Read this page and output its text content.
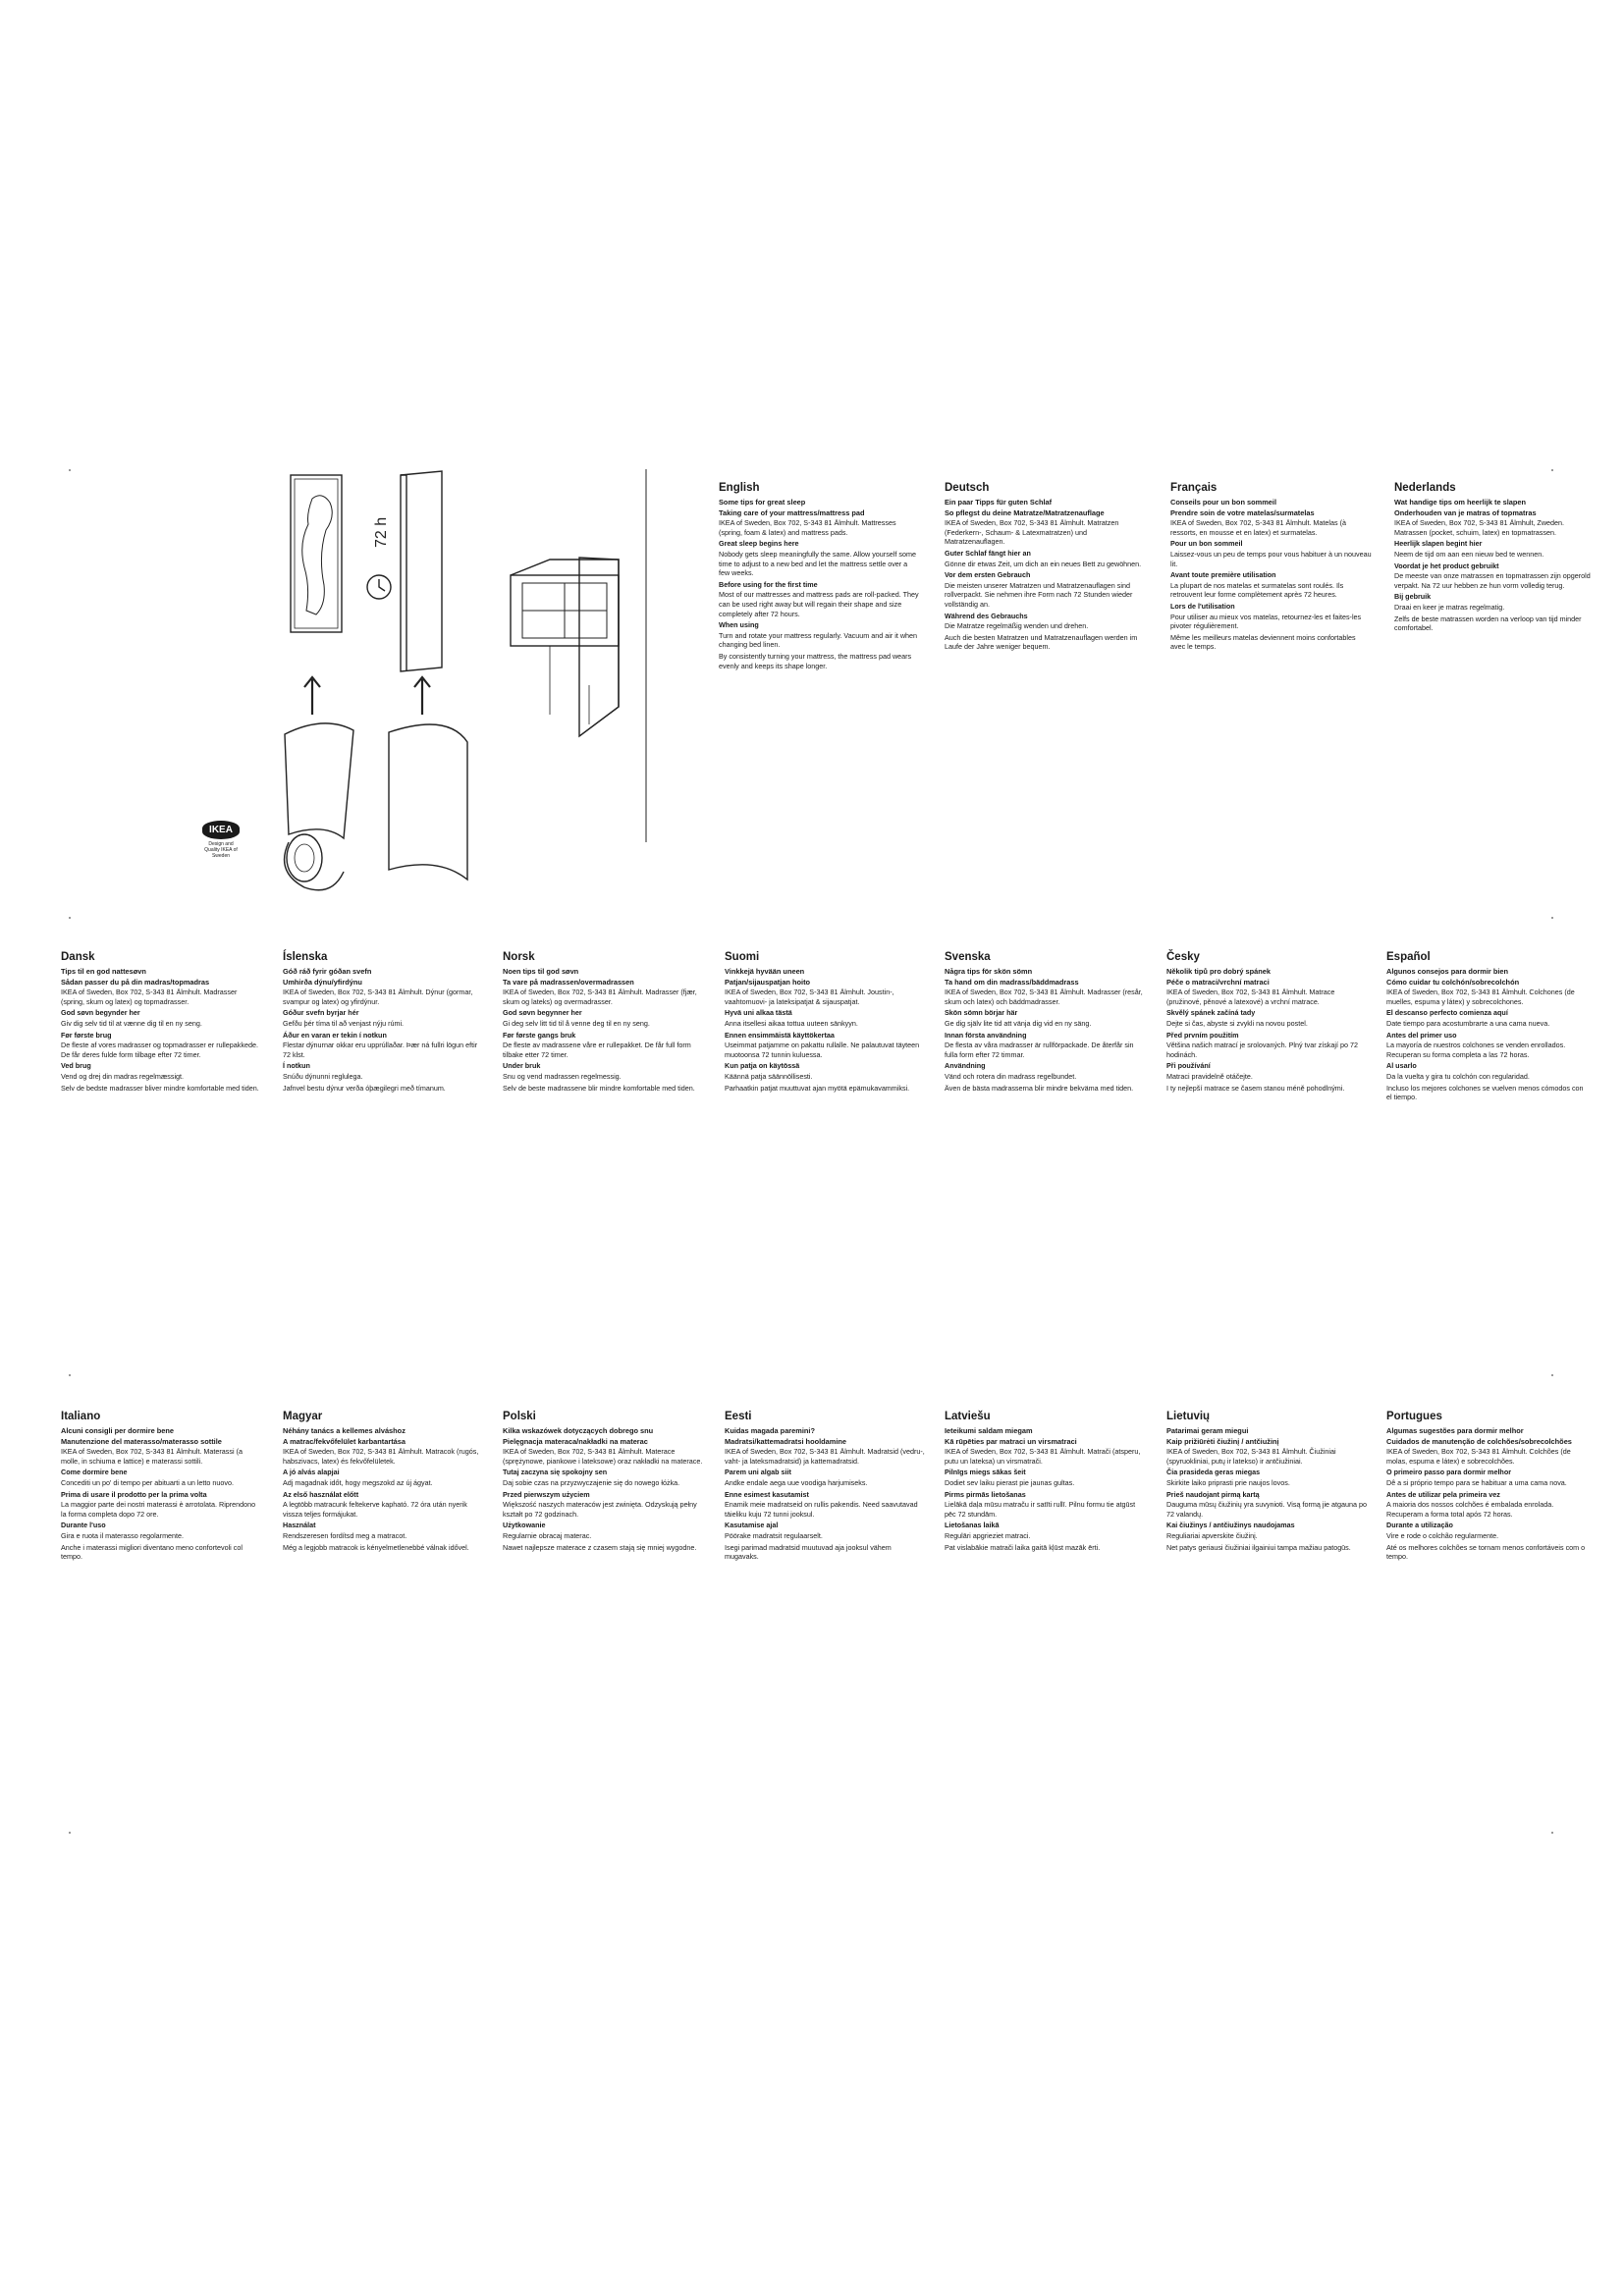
72 h
IKEA
Design and Quality IKEA of Sweden
English
Some tips for great sleep
Taking care of your mattress/mattress pad

IKEA of Sweden, Box 702, S-343 81 Älmhult. Mattresses (spring, foam & latex) and mattress pads.

Great sleep begins here

Nobody gets sleep meaningfully the same. Allow yourself some time to adjust to a new bed and let the mattress settle over a few weeks.

Before using for the first time

Most of our mattresses and mattress pads are roll-packed. They can be used right away but will regain their shape and size completely after 72 hours.

When using

Turn and rotate your mattress regularly. Vacuum and air it when changing bed linen.

By consistently turning your mattress, the mattress pad wears evenly and keeps its shape longer.

Deutsch
Ein paar Tipps für guten Schlaf
So pflegst du deine Matratze/Matratzenauflage

IKEA of Sweden, Box 702, S-343 81 Älmhult. Matratzen (Federkern-, Schaum- & Latexmatratzen) und Matratzenauflagen.

Guter Schlaf fängt hier an

Gönne dir etwas Zeit, um dich an ein neues Bett zu gewöhnen.

Vor dem ersten Gebrauch

Die meisten unserer Matratzen und Matratzenauflagen sind rollverpackt. Sie nehmen ihre Form nach 72 Stunden wieder vollständig an.

Während des Gebrauchs

Die Matratze regelmäßig wenden und drehen.

Auch die besten Matratzen und Matratzenauflagen werden im Laufe der Jahre weniger bequem.

Français
Conseils pour un bon sommeil
Prendre soin de votre matelas/surmatelas

IKEA of Sweden, Box 702, S-343 81 Älmhult. Matelas (à ressorts, en mousse et en latex) et surmatelas.

Pour un bon sommeil

Laissez-vous un peu de temps pour vous habituer à un nouveau lit.

Avant toute première utilisation

La plupart de nos matelas et surmatelas sont roulés. Ils retrouvent leur forme complètement après 72 heures.

Lors de l'utilisation

Pour utiliser au mieux vos matelas, retournez-les et faites-les pivoter régulièrement.

Même les meilleurs matelas deviennent moins confortables avec le temps.

Nederlands
Wat handige tips om heerlijk te slapen
Onderhouden van je matras of topmatras

IKEA of Sweden, Box 702, S-343 81 Älmhult, Zweden. Matrassen (pocket, schuim, latex) en topmatrassen.

Heerlijk slapen begint hier

Neem de tijd om aan een nieuw bed te wennen.

Voordat je het product gebruikt

De meeste van onze matrassen en topmatrassen zijn opgerold verpakt. Na 72 uur hebben ze hun vorm volledig terug.

Bij gebruik

Draai en keer je matras regelmatig.

Zelfs de beste matrassen worden na verloop van tijd minder comfortabel.

Dansk
Tips til en god nattesøvn
Sådan passer du på din madras/topmadras

IKEA of Sweden, Box 702, S-343 81 Älmhult. Madrasser (spring, skum og latex) og topmadrasser.

God søvn begynder her

Giv dig selv tid til at vænne dig til en ny seng.

Før første brug

De fleste af vores madrasser og topmadrasser er rullepakkede. De får deres fulde form tilbage efter 72 timer.

Ved brug

Vend og drej din madras regelmæssigt.

Selv de bedste madrasser bliver mindre komfortable med tiden.

Íslenska
Góð ráð fyrir góðan svefn
Umhirða dýnu/yfirdýnu

IKEA of Sweden, Box 702, S-343 81 Älmhult. Dýnur (gormar, svampur og latex) og yfirdýnur.

Góður svefn byrjar hér

Gefðu þér tíma til að venjast nýju rúmi.

Áður en varan er tekin í notkun

Flestar dýnurnar okkar eru upprúllaðar. Þær ná fullri lögun eftir 72 klst.

Í notkun

Snúðu dýnunni reglulega.

Jafnvel bestu dýnur verða óþægilegri með tímanum.

Norsk
Noen tips til god søvn
Ta vare på madrassen/overmadrassen

IKEA of Sweden, Box 702, S-343 81 Älmhult. Madrasser (fjær, skum og lateks) og overmadrasser.

God søvn begynner her

Gi deg selv litt tid til å venne deg til en ny seng.

Før første gangs bruk

De fleste av madrassene våre er rullepakket. De får full form tilbake etter 72 timer.

Under bruk

Snu og vend madrassen regelmessig.

Selv de beste madrassene blir mindre komfortable med tiden.

Suomi
Vinkkejä hyvään uneen
Patjan/sijauspatjan hoito

IKEA of Sweden, Box 702, S-343 81 Älmhult. Joustin-, vaahtomuovi- ja lateksipatjat & sijauspatjat.

Hyvä uni alkaa tästä

Anna itsellesi aikaa tottua uuteen sänkyyn.

Ennen ensimmäistä käyttökertaa

Useimmat patjamme on pakattu rullalle. Ne palautuvat täyteen muotoonsa 72 tunnin kuluessa.

Kun patja on käytössä

Käännä patja säännöllisesti.

Parhaatkin patjat muuttuvat ajan myötä epämukavammiksi.

Svenska
Några tips för skön sömn
Ta hand om din madrass/bäddmadrass

IKEA of Sweden, Box 702, S-343 81 Älmhult. Madrasser (resår, skum och latex) och bäddmadrasser.

Skön sömn börjar här

Ge dig själv lite tid att vänja dig vid en ny säng.

Innan första användning

De flesta av våra madrasser är rullförpackade. De återfår sin fulla form efter 72 timmar.

Användning

Vänd och rotera din madrass regelbundet.

Även de bästa madrasserna blir mindre bekväma med tiden.

Česky
Několik tipů pro dobrý spánek
Péče o matraci/vrchní matraci

IKEA of Sweden, Box 702, S-343 81 Älmhult. Matrace (pružinové, pěnové a latexové) a vrchní matrace.

Skvělý spánek začíná tady

Dejte si čas, abyste si zvykli na novou postel.

Před prvním použitím

Většina našich matrací je srolovaných. Plný tvar získají po 72 hodinách.

Při používání

Matraci pravidelně otáčejte.

I ty nejlepší matrace se časem stanou méně pohodlnými.

Español
Algunos consejos para dormir bien
Cómo cuidar tu colchón/sobrecolchón

IKEA of Sweden, Box 702, S-343 81 Älmhult. Colchones (de muelles, espuma y látex) y sobrecolchones.

El descanso perfecto comienza aquí

Date tiempo para acostumbrarte a una cama nueva.

Antes del primer uso

La mayoría de nuestros colchones se venden enrollados. Recuperan su forma completa a las 72 horas.

Al usarlo

Da la vuelta y gira tu colchón con regularidad.

Incluso los mejores colchones se vuelven menos cómodos con el tiempo.

Italiano
Alcuni consigli per dormire bene
Manutenzione del materasso/materasso sottile

IKEA of Sweden, Box 702, S-343 81 Älmhult. Materassi (a molle, in schiuma e lattice) e materassi sottili.

Come dormire bene

Concediti un po' di tempo per abituarti a un letto nuovo.

Prima di usare il prodotto per la prima volta

La maggior parte dei nostri materassi è arrotolata. Riprendono la forma completa dopo 72 ore.

Durante l'uso

Gira e ruota il materasso regolarmente.

Anche i materassi migliori diventano meno confortevoli col tempo.

Magyar
Néhány tanács a kellemes alváshoz
A matrac/fekvőfelület karbantartása

IKEA of Sweden, Box 702, S-343 81 Älmhult. Matracok (rugós, habszivacs, latex) és fekvőfelületek.

A jó alvás alapjai

Adj magadnak időt, hogy megszokd az új ágyat.

Az első használat előtt

A legtöbb matracunk feltekerve kapható. 72 óra után nyerik vissza teljes formájukat.

Használat

Rendszeresen fordítsd meg a matracot.

Még a legjobb matracok is kényelmetlenebbé válnak idővel.

Polski
Kilka wskazówek dotyczących dobrego snu
Pielęgnacja materaca/nakładki na materac

IKEA of Sweden, Box 702, S-343 81 Älmhult. Materace (sprężynowe, piankowe i lateksowe) oraz nakładki na materace.

Tutaj zaczyna się spokojny sen

Daj sobie czas na przyzwyczajenie się do nowego łóżka.

Przed pierwszym użyciem

Większość naszych materaców jest zwinięta. Odzyskują pełny kształt po 72 godzinach.

Użytkowanie

Regularnie obracaj materac.

Nawet najlepsze materace z czasem stają się mniej wygodne.

Eesti
Kuidas magada paremini?
Madratsi/kattemadratsi hooldamine

IKEA of Sweden, Box 702, S-343 81 Älmhult. Madratsid (vedru-, vaht- ja lateksmadratsid) ja kattemadratsid.

Parem uni algab siit

Andke endale aega uue voodiga harjumiseks.

Enne esimest kasutamist

Enamik meie madratseid on rullis pakendis. Need saavutavad täieliku kuju 72 tunni jooksul.

Kasutamise ajal

Pöörake madratsit regulaarselt.

Isegi parimad madratsid muutuvad aja jooksul vähem mugavaks.

Latviešu
Ieteikumi saldam miegam
Kā rūpēties par matraci un virsmatraci

IKEA of Sweden, Box 702, S-343 81 Älmhult. Matrači (atsperu, putu un lateksa) un virsmatrači.

Pilnīgs miegs sākas šeit

Dodiet sev laiku pierast pie jaunas gultas.

Pirms pirmās lietošanas

Lielākā daļa mūsu matraču ir satīti rullī. Pilnu formu tie atgūst pēc 72 stundām.

Lietošanas laikā

Regulāri apgrieziet matraci.

Pat vislabākie matrači laika gaitā kļūst mazāk ērti.

Lietuvių
Patarimai geram miegui
Kaip prižiūrėti čiužinį / antčiužinį

IKEA of Sweden, Box 702, S-343 81 Älmhult. Čiužiniai (spyruokliniai, putų ir latekso) ir antčiužiniai.

Čia prasideda geras miegas

Skirkite laiko priprasti prie naujos lovos.

Prieš naudojant pirmą kartą

Dauguma mūsų čiužinių yra suvynioti. Visą formą jie atgauna po 72 valandų.

Kai čiužinys / antčiužinys naudojamas

Reguliariai apverskite čiužinį.

Net patys geriausi čiužiniai ilgainiui tampa mažiau patogūs.

Portugues
Algumas sugestões para dormir melhor
Cuidados de manutenção de colchões/sobrecolchões

IKEA of Sweden, Box 702, S-343 81 Älmhult. Colchões (de molas, espuma e látex) e sobrecolchões.

O primeiro passo para dormir melhor

Dê a si próprio tempo para se habituar a uma cama nova.

Antes de utilizar pela primeira vez

A maioria dos nossos colchões é embalada enrolada. Recuperam a forma total após 72 horas.

Durante a utilização

Vire e rode o colchão regularmente.

Até os melhores colchões se tornam menos confortáveis com o tempo.
